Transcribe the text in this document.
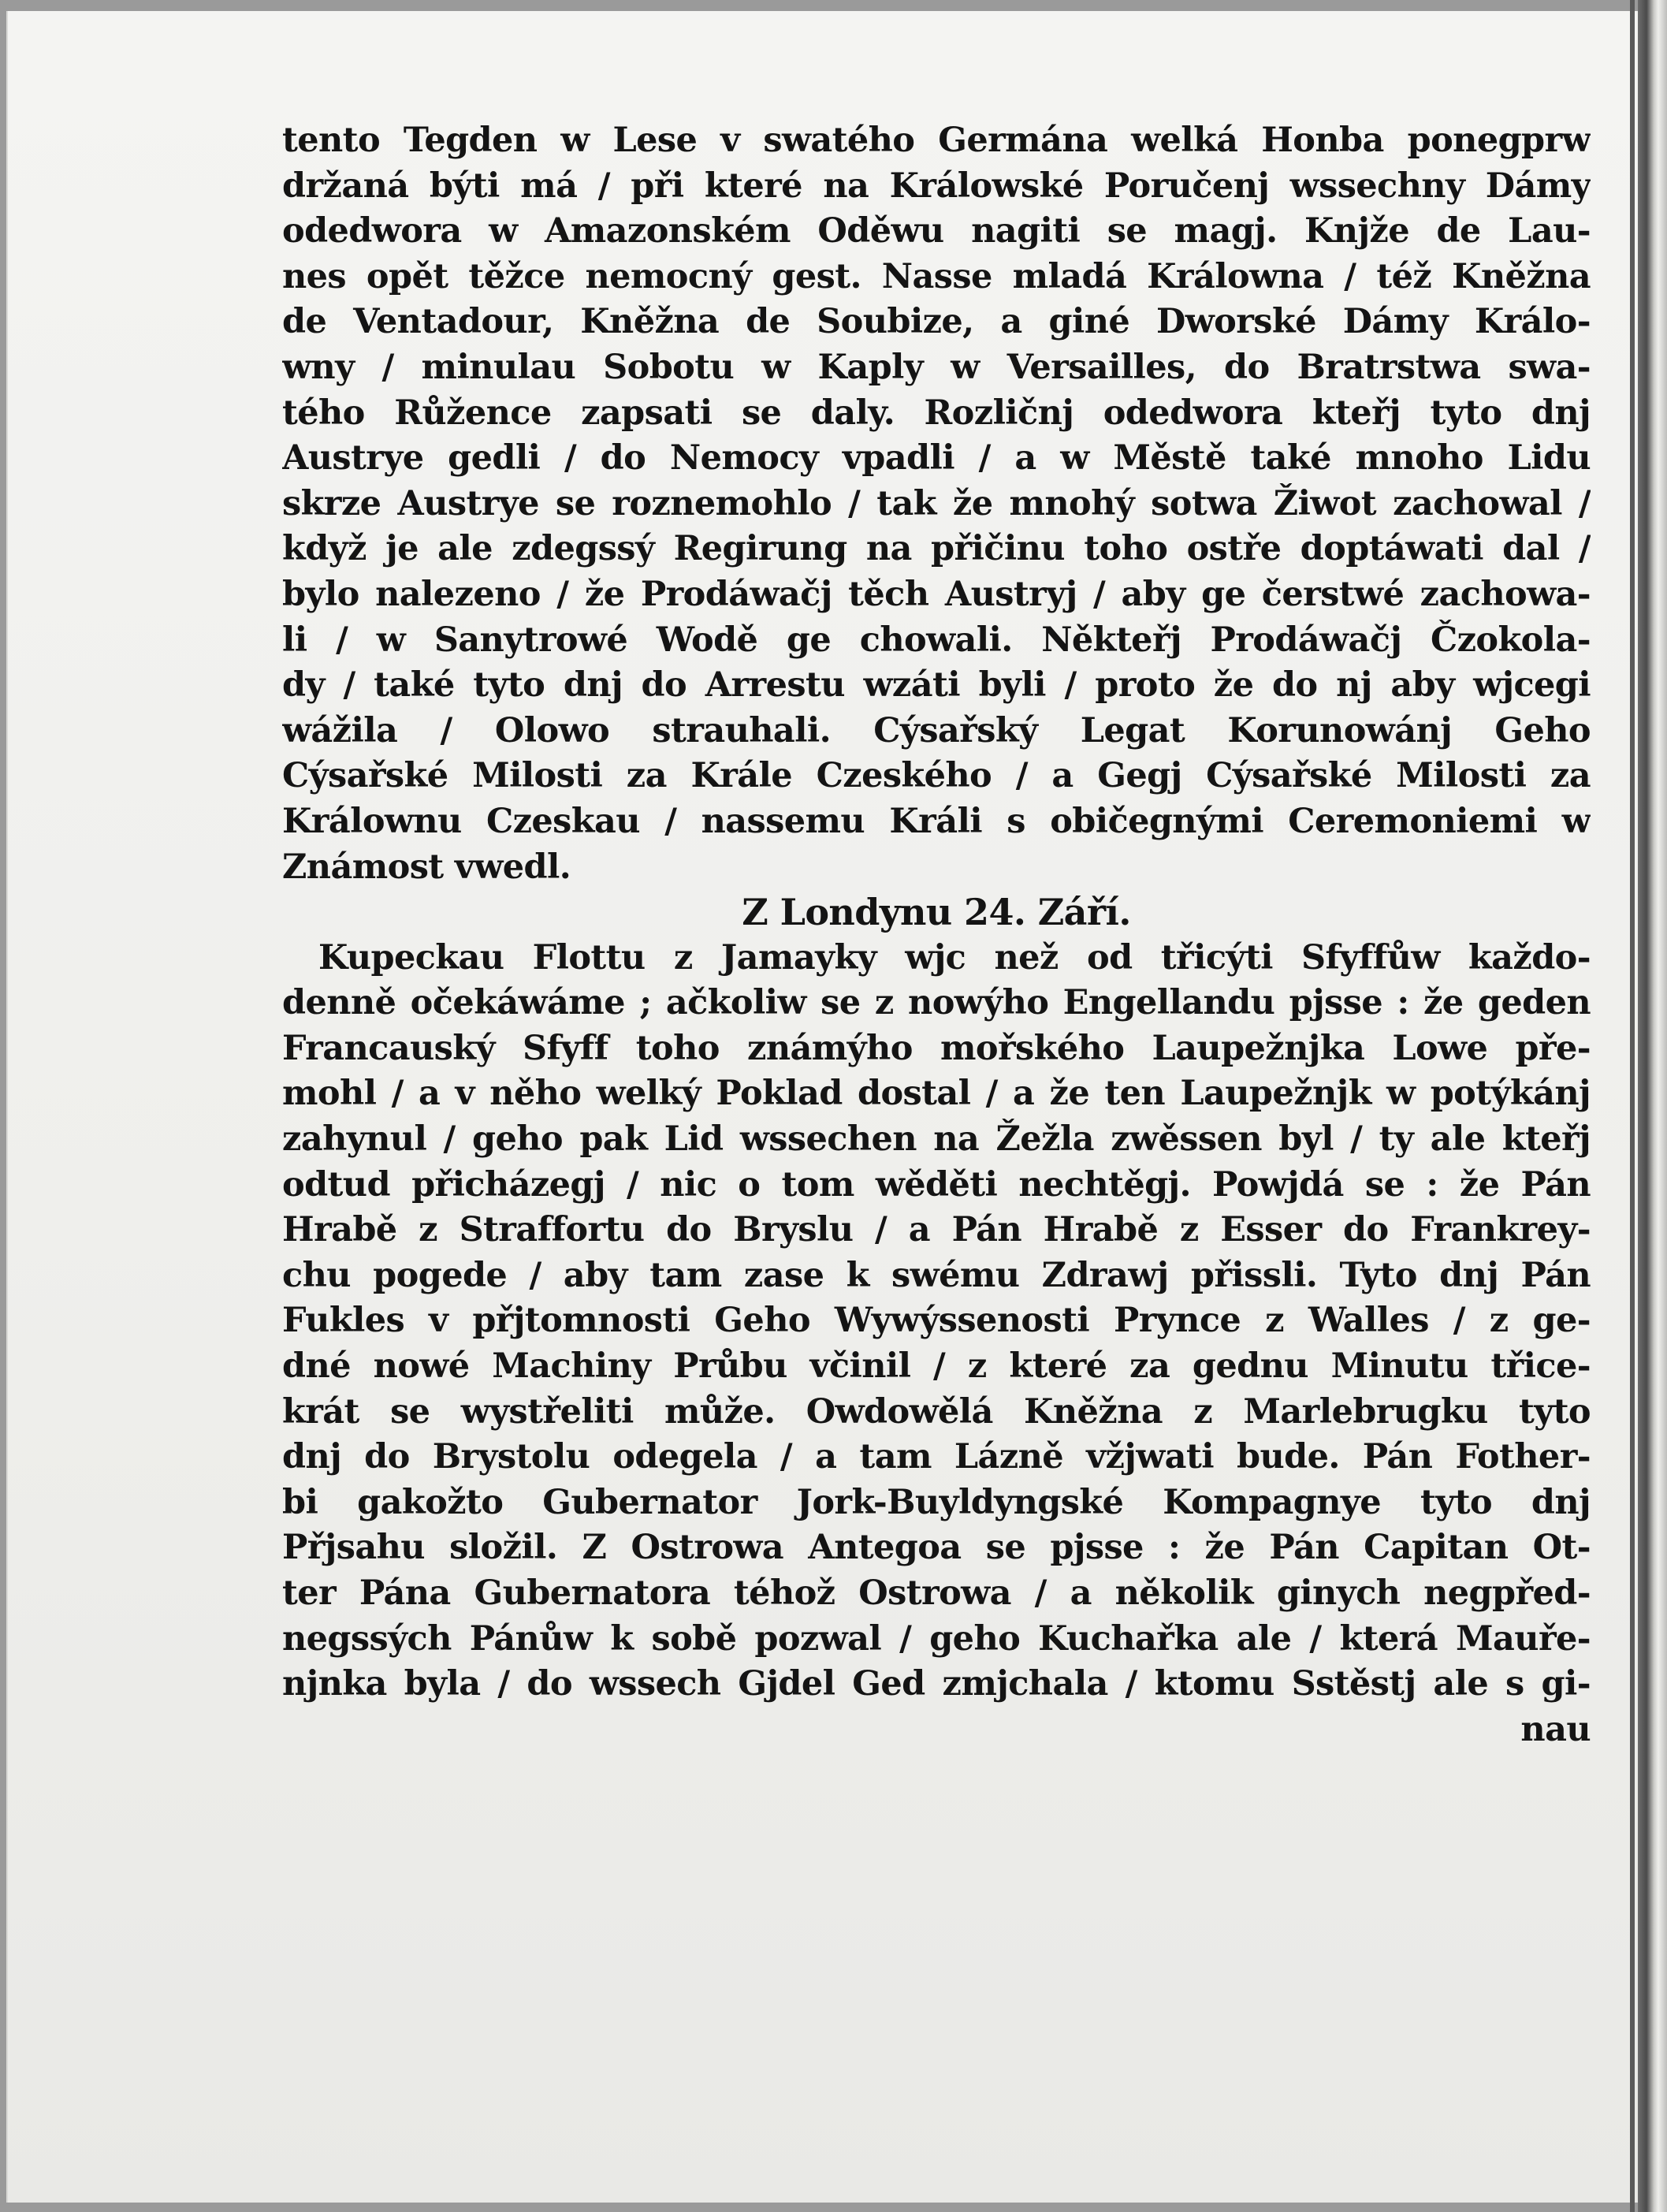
tento Tegden w Lese v swatého Germána welká Honba ponegprw
držaná býti má / při které na Králowské Poručenj wssechny Dámy
odedwora w Amazonském Oděwu nagiti se magj. Knjže de Lau-
nes opět těžce nemocný gest. Nasse mladá Králowna / též Kněžna
de Ventadour, Kněžna de Soubize, a giné Dworské Dámy Králo-
wny / minulau Sobotu w Kaply w Versailles, do Bratrstwa swa-
tého Růžence zapsati se daly. Rozličnj odedwora kteřj tyto dnj
Austrye gedli / do Nemocy vpadli / a w Městě také mnoho Lidu
skrze Austrye se roznemohlo / tak že mnohý sotwa Žiwot zachowal /
když je ale zdegssý Regirung na přičinu toho ostře doptáwati dal /
bylo nalezeno / že Prodáwačj těch Austryj / aby ge čerstwé zachowa-
li / w Sanytrowé Wodě ge chowali. Někteřj Prodáwačj Čzokola-
dy / také tyto dnj do Arrestu wzáti byli / proto že do nj aby wjcegi
wážila / Olowo strauhali. Cýsařský Legat Korunowánj Geho
Cýsařské Milosti za Krále Czeského / a Gegj Cýsařské Milosti za
Králownu Czeskau / nassemu Králi s običegnými Ceremoniemi w
Známost vwedl.
Z Londynu 24. Září.
Kupeckau Flottu z Jamayky wjc než od třicýti Sfyffůw každo-
denně očekáwáme ; ačkoliw se z nowýho Engellandu pjsse : že geden
Francauský Sfyff toho známýho mořského Laupežnjka Lowe pře-
mohl / a v něho welký Poklad dostal / a že ten Laupežnjk w potýkánj
zahynul / geho pak Lid wssechen na Žežla zwěssen byl / ty ale kteřj
odtud přicházegj / nic o tom wěděti nechtěgj. Powjdá se : že Pán
Hrabě z Straffortu do Bryslu / a Pán Hrabě z Esser do Frankrey-
chu pogede / aby tam zase k swému Zdrawj přissli. Tyto dnj Pán
Fukles v přjtomnosti Geho Wywýssenosti Prynce z Walles / z ge-
dné nowé Machiny Průbu včinil / z které za gednu Minutu třice-
krát se wystřeliti může. Owdowělá Kněžna z Marlebrugku tyto
dnj do Brystolu odegela / a tam Lázně vžjwati bude. Pán Fother-
bi gakožto Gubernator Jork-Buyldyngské Kompagnye tyto dnj
Přjsahu složil. Z Ostrowa Antegoa se pjsse : že Pán Capitan Ot-
ter Pána Gubernatora téhož Ostrowa / a několik ginych negpřed-
negssých Pánůw k sobě pozwal / geho Kuchařka ale / která Mauře-
njnka byla / do wssech Gjdel Ged zmjchala / ktomu Sstěstj ale s gi-
nau
